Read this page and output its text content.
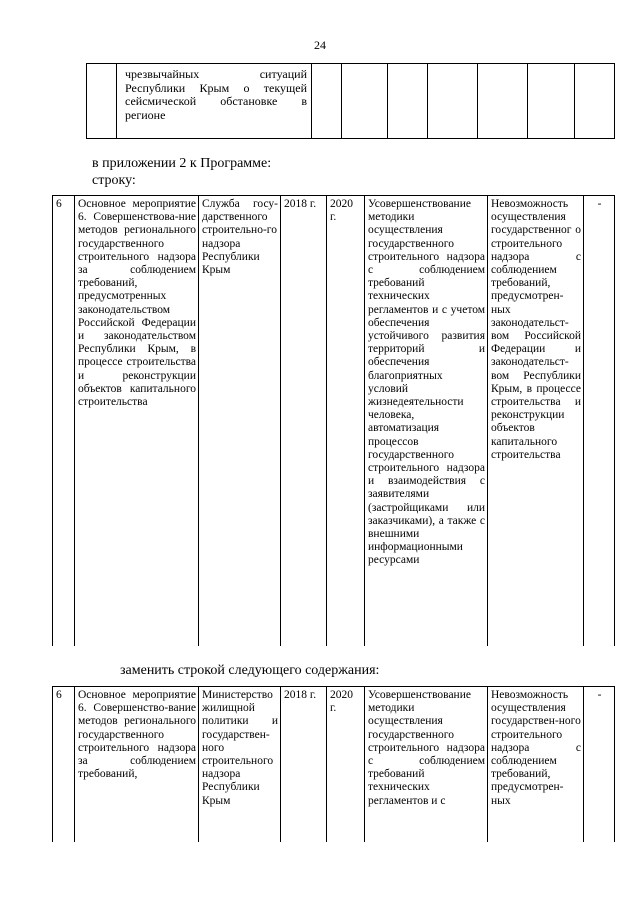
24
	чрезвычайных ситуаций Республики Крым о текущей сейсмической обстановке в регионе							
в приложении 2 к Программе:
строку:
6	Основное мероприятие 6. Совершенствова-ние методов регионального государственного строительного надзора за соблюдением требований, предусмотренных законодательством Российской Федерации и законодательством Республики Крым, в процессе строительства и реконструкции объектов капитального строительства	Служба госу-дарственного строительно-го надзора Республики Крым	2018 г.	2020 г.	Усовершенствование методики осуществления государственного строительного надзора с соблюдением требований технических регламентов и с учетом обеспечения устойчивого развития территорий и обеспечения благоприятных условий жизнедеятельности человека, автоматизация процессов государственного строительного надзора и взаимодействия с заявителями (застройщиками или заказчиками), а также с внешними информационными ресурсами	Невозможность осуществления государственног о строительного надзора с соблюдением требований, предусмотрен-ных законодательст-вом Российской Федерации и законодательст-вом Республики Крым, в процессе строительства и реконструкции объектов капитального строительства	-
заменить строкой следующего содержания:
6	Основное мероприятие 6. Совершенство-вание методов регионального государственного строительного надзора за соблюдением требований,	Министерство жилищной политики и государствен-ного строительного надзора Республики Крым	2018 г.	2020 г.	Усовершенствование методики осуществления государственного строительного надзора с соблюдением требований технических регламентов и с	Невозможность осуществления государствен-ного строительного надзора с соблюдением требований, предусмотрен-ных	-
